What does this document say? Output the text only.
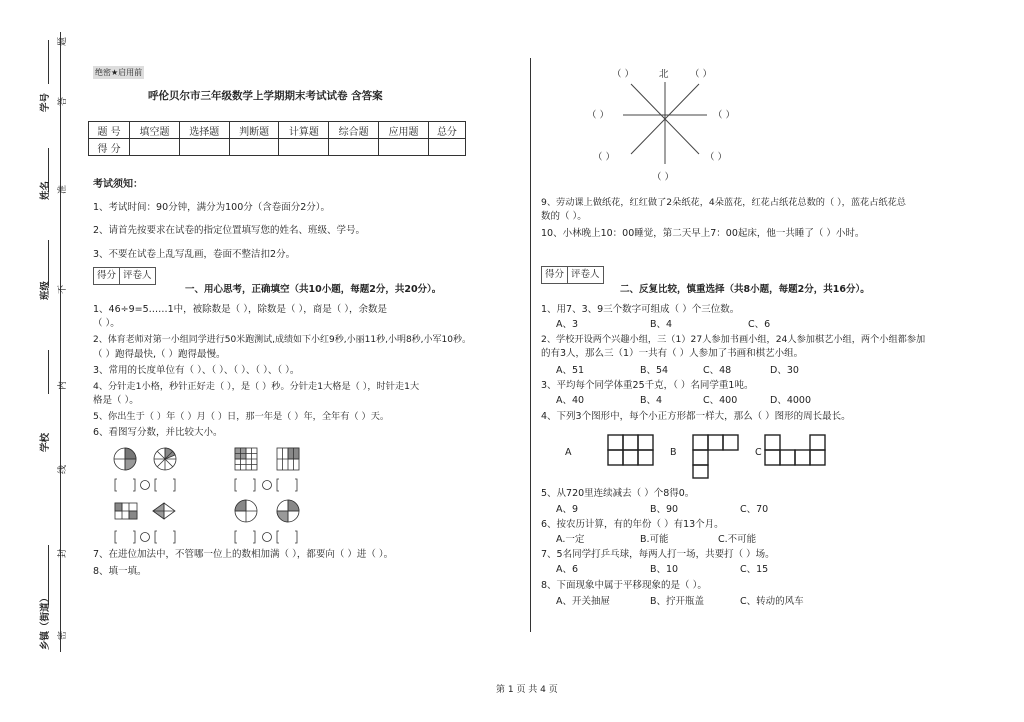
学号
姓名
班级
学校
乡镇（街道）
题
答
准
不
内
线
封
密
绝密★启用前
呼伦贝尔市三年级数学上学期期末考试试卷 含答案
题 号	填空题	选择题	判断题	计算题	综合题	应用题	总分
得 分							
考试须知：
1、考试时间：90分钟，满分为100分（含卷面分2分）。
2、请首先按要求在试卷的指定位置填写您的姓名、班级、学号。
3、不要在试卷上乱写乱画，卷面不整洁扣2分。
得分 评卷人
一、用心思考，正确填空（共10小题，每题2分，共20分）。
1、46÷9=5……1中，被除数是（ ），除数是（ ），商是（ ），余数是
（ ）。
2、体育老师对第一小组同学进行50米跑测试,成绩如下小红9秒,小丽11秒,小明8秒,小军10秒。
（ ）跑得最快,（ ）跑得最慢。
3、常用的长度单位有（ ）、（ ）、（ ）、（ ）、（ ）。
4、分针走1小格，秒针正好走（ ），是（ ）秒。分针走1大格是（ ），时针走1大
格是（ ）。
5、你出生于（ ）年（ ）月（ ）日，那一年是（ ）年，全年有（ ）天。
6、看图写分数，并比较大小。
7、在进位加法中，不管哪一位上的数相加满（ ），都要向（ ）进（ ）。
8、填一填。
北
（ ）	（ ）
（ ）	（ ）
（ ）	（ ）
（ ）
9、劳动课上做纸花，红红做了2朵纸花，4朵蓝花，红花占纸花总数的（ ），蓝花占纸花总
数的（ ）。
10、小林晚上10：00睡觉，第二天早上7：00起床，他一共睡了（ ）小时。
得分 评卷人
二、反复比较，慎重选择（共8小题，每题2分，共16分）。
1、用7、3、9三个数字可组成（ ）个三位数。
A、3	B、4	C、6
2、学校开设两个兴趣小组，三（1）27人参加书画小组，24人参加棋艺小组，两个小组都参加
的有3人，那么三（1）一共有（ ）人参加了书画和棋艺小组。
A、51	B、54	C、48	D、30
3、平均每个同学体重25千克，（ ）名同学重1吨。
A、40	B、4	C、400	D、4000
4、下列3个图形中，每个小正方形都一样大，那么（ ）图形的周长最长。
A	B	C
5、从720里连续减去（ ）个8得0。
A、9	B、90	C、70
6、按农历计算，有的年份（ ）有13个月。
A.一定	B.可能	C.不可能
7、5名同学打乒乓球，每两人打一场，共要打（ ）场。
A、6	B、10	C、15
8、下面现象中属于平移现象的是（ ）。
A、开关抽屉	B、拧开瓶盖	C、转动的风车
第 1 页 共 4 页
